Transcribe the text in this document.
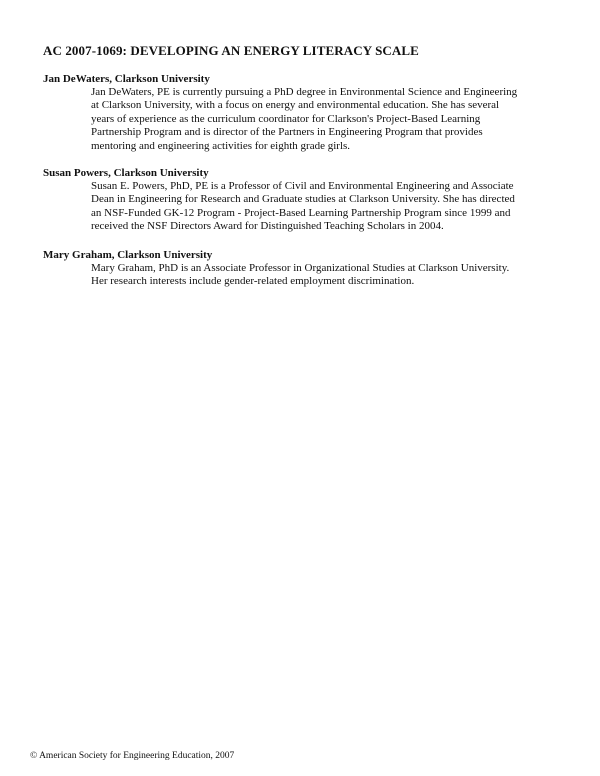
AC 2007-1069: DEVELOPING AN ENERGY LITERACY SCALE
Jan DeWaters, Clarkson University
Jan DeWaters, PE is currently pursuing a PhD degree in Environmental Science and Engineering
at Clarkson University, with a focus on energy and environmental education. She has several
years of experience as the curriculum coordinator for Clarkson's Project-Based Learning
Partnership Program and is director of the Partners in Engineering Program that provides
mentoring and engineering activities for eighth grade girls.
Susan Powers, Clarkson University
Susan E. Powers, PhD, PE is a Professor of Civil and Environmental Engineering and Associate
Dean in Engineering for Research and Graduate studies at Clarkson University. She has directed
an NSF-Funded GK-12 Program - Project-Based Learning Partnership Program since 1999 and
received the NSF Directors Award for Distinguished Teaching Scholars in 2004.
Mary Graham, Clarkson University
Mary Graham, PhD is an Associate Professor in Organizational Studies at Clarkson University.
Her research interests include gender-related employment discrimination.
© American Society for Engineering Education, 2007
